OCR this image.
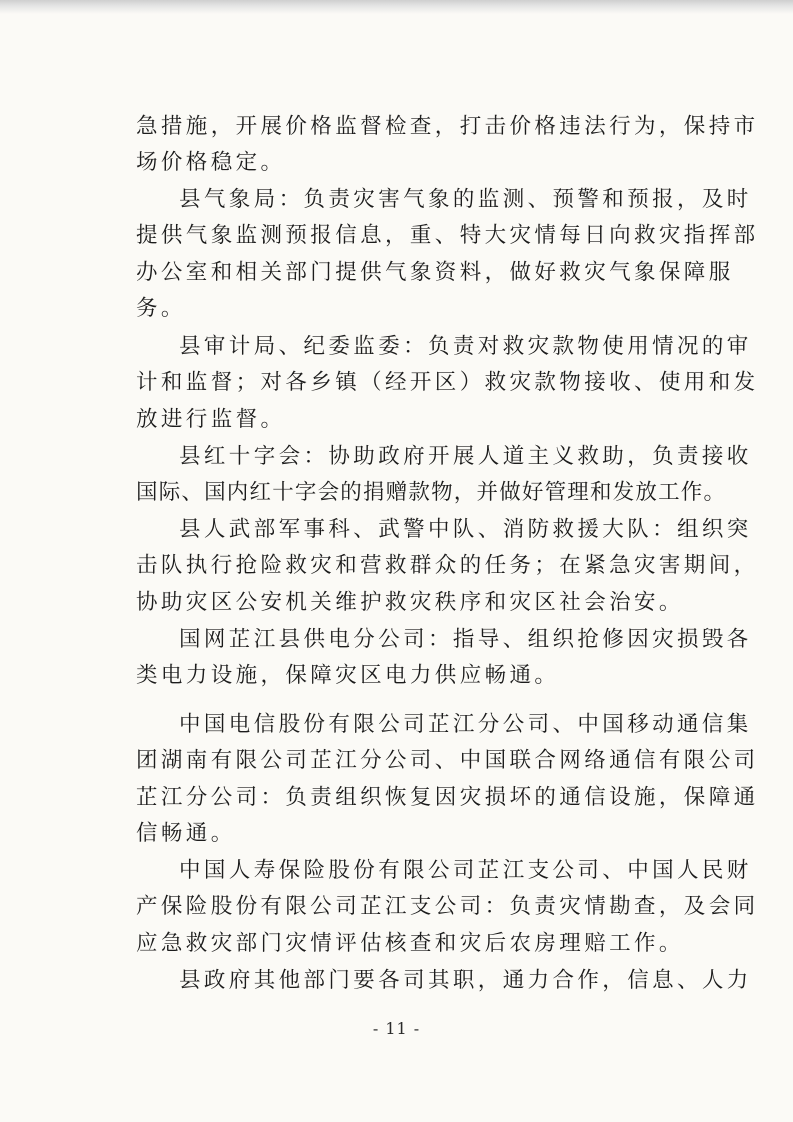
急措施，开展价格监督检查，打击价格违法行为，保持市
场价格稳定。
县气象局：负责灾害气象的监测、预警和预报，及时
提供气象监测预报信息，重、特大灾情每日向救灾指挥部
办公室和相关部门提供气象资料，做好救灾气象保障服
务。
县审计局、纪委监委：负责对救灾款物使用情况的审
计和监督；对各乡镇（经开区）救灾款物接收、使用和发
放进行监督。
县红十字会：协助政府开展人道主义救助，负责接收
国际、国内红十字会的捐赠款物，并做好管理和发放工作。
县人武部军事科、武警中队、消防救援大队：组织突
击队执行抢险救灾和营救群众的任务；在紧急灾害期间，
协助灾区公安机关维护救灾秩序和灾区社会治安。
国网芷江县供电分公司：指导、组织抢修因灾损毁各
类电力设施，保障灾区电力供应畅通。
中国电信股份有限公司芷江分公司、中国移动通信集
团湖南有限公司芷江分公司、中国联合网络通信有限公司
芷江分公司：负责组织恢复因灾损坏的通信设施，保障通
信畅通。
中国人寿保险股份有限公司芷江支公司、中国人民财
产保险股份有限公司芷江支公司：负责灾情勘查，及会同
应急救灾部门灾情评估核查和灾后农房理赔工作。
县政府其他部门要各司其职，通力合作，信息、人力
- 11 -
